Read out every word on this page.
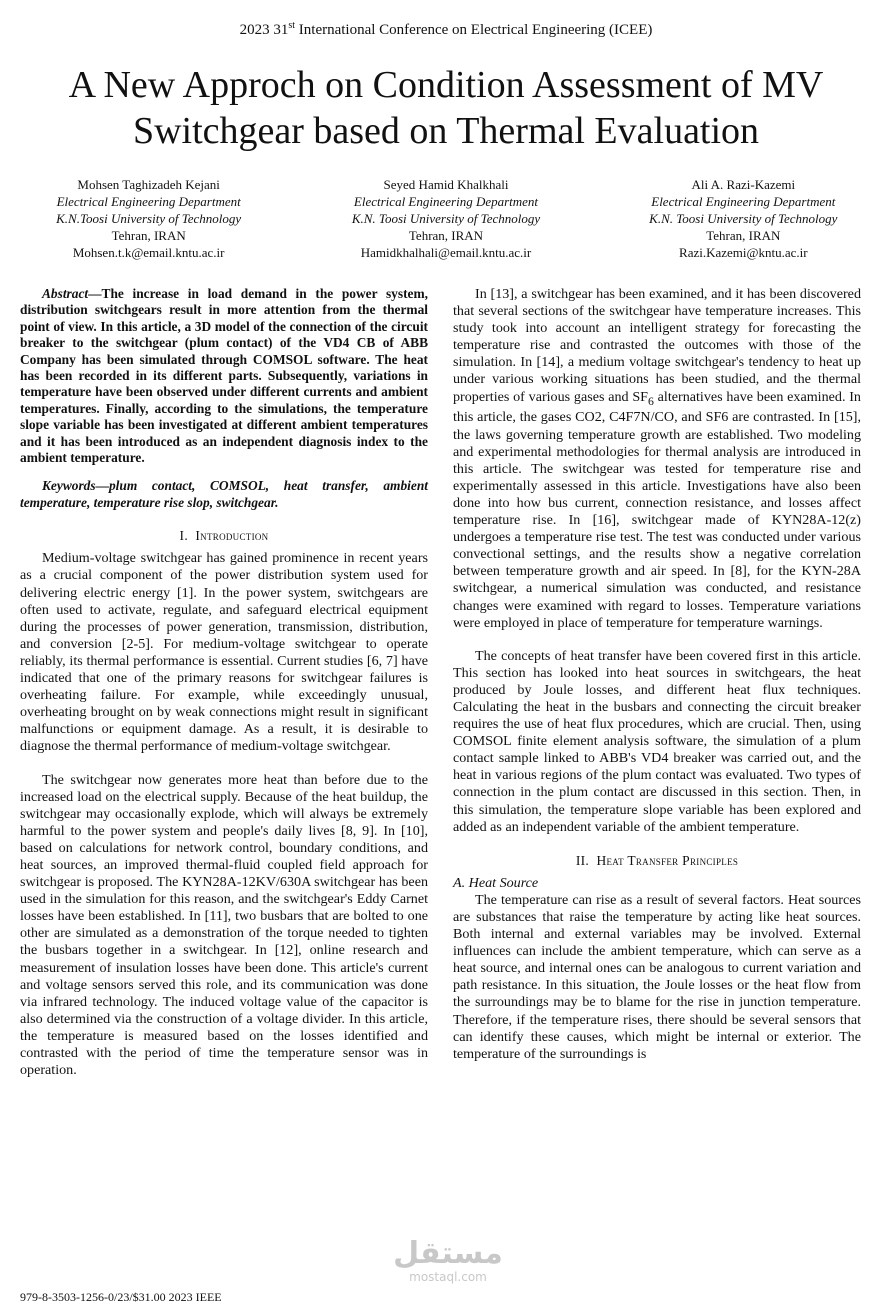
2023 31st International Conference on Electrical Engineering (ICEE)
A New Approch on Condition Assessment of MV Switchgear based on Thermal Evaluation
Mohsen Taghizadeh Kejani
Electrical Engineering Department
K.N.Toosi University of Technology
Tehran, IRAN
Mohsen.t.k@email.kntu.ac.ir
Seyed Hamid Khalkhali
Electrical Engineering Department
K.N. Toosi University of Technology
Tehran, IRAN
Hamidkhalhali@email.kntu.ac.ir
Ali A. Razi-Kazemi
Electrical Engineering Department
K.N. Toosi University of Technology
Tehran, IRAN
Razi.Kazemi@kntu.ac.ir

Abstract—The increase in load demand in the power system, distribution switchgears result in more attention from the thermal point of view. In this article, a 3D model of the connection of the circuit breaker to the switchgear (plum contact) of the VD4 CB of ABB Company has been simulated through COMSOL software. The heat has been recorded in its different parts. Subsequently, variations in temperature have been observed under different currents and ambient temperatures. Finally, according to the simulations, the temperature slope variable has been investigated at different ambient temperatures and it has been introduced as an independent diagnosis index to the ambient temperature.

Keywords—plum contact, COMSOL, heat transfer, ambient temperature, temperature rise slop, switchgear.

I. Introduction

Medium-voltage switchgear has gained prominence in recent years as a crucial component of the power distribution system used for delivering electric energy [1]. In the power system, switchgears are often used to activate, regulate, and safeguard electrical equipment during the processes of power generation, transmission, distribution, and conversion [2-5]. For medium-voltage switchgear to operate reliably, its thermal performance is essential. Current studies [6, 7] have indicated that one of the primary reasons for switchgear failures is overheating failure. For example, while exceedingly unusual, overheating brought on by weak connections might result in significant malfunctions or equipment damage. As a result, it is desirable to diagnose the thermal performance of medium-voltage switchgear.

The switchgear now generates more heat than before due to the increased load on the electrical supply. Because of the heat buildup, the switchgear may occasionally explode, which will always be extremely harmful to the power system and people's daily lives [8, 9]. In [10], based on calculations for network control, boundary conditions, and heat sources, an improved thermal-fluid coupled field approach for switchgear is proposed. The KYN28A-12KV/630A switchgear has been used in the simulation for this reason, and the switchgear's Eddy Carnet losses have been established. In [11], two busbars that are bolted to one other are simulated as a demonstration of the torque needed to tighten the busbars together in a switchgear. In [12], online research and measurement of insulation losses have been done. This article's current and voltage sensors served this role, and its communication was done via infrared technology. The induced voltage value of the capacitor is also determined via the construction of a voltage divider. In this article, the temperature is measured based on the losses identified and contrasted with the period of time the temperature sensor was in operation.

In [13], a switchgear has been examined, and it has been discovered that several sections of the switchgear have temperature increases. This study took into account an intelligent strategy for forecasting the temperature rise and contrasted the outcomes with those of the simulation. In [14], a medium voltage switchgear's tendency to heat up under various working situations has been studied, and the thermal properties of various gases and $SF_6$ alternatives have been examined. In this article, the gases CO2, C4F7N/CO, and SF6 are contrasted. In [15], the laws governing temperature growth are established. Two modeling and experimental methodologies for thermal analysis are introduced in this article. The switchgear was tested for temperature rise and experimentally assessed in this article. Investigations have also been done into how bus current, connection resistance, and losses affect temperature rise. In [16], switchgear made of KYN28A-12(z) undergoes a temperature rise test. The test was conducted under various convectional settings, and the results show a negative correlation between temperature growth and air speed. In [8], for the KYN-28A switchgear, a numerical simulation was conducted, and resistance changes were examined with regard to losses. Temperature variations were employed in place of temperature for temperature warnings.

The concepts of heat transfer have been covered first in this article. This section has looked into heat sources in switchgears, the heat produced by Joule losses, and different heat flux techniques. Calculating the heat in the busbars and connecting the circuit breaker requires the use of heat flux procedures, which are crucial. Then, using COMSOL finite element analysis software, the simulation of a plum contact sample linked to ABB's VD4 breaker was carried out, and the heat in various regions of the plum contact was evaluated. Two types of connection in the plum contact are discussed in this section. Then, in this simulation, the temperature slope variable has been explored and added as an independent variable of the ambient temperature.

II. Heat Transfer Principles

A. Heat Source

The temperature can rise as a result of several factors. Heat sources are substances that raise the temperature by acting like heat sources. Both internal and external variables may be involved. External influences can include the ambient temperature, which can serve as a heat source, and internal ones can be analogous to current variation and path resistance. In this situation, the Joule losses or the heat flow from the surroundings may be to blame for the rise in junction temperature. Therefore, if the temperature rises, there should be several sensors that can identify these causes, which might be internal or exterior. The temperature of the surroundings is

مستقل
mostaql.com
979-8-3503-1256-0/23/$31.00 2023 IEEE
